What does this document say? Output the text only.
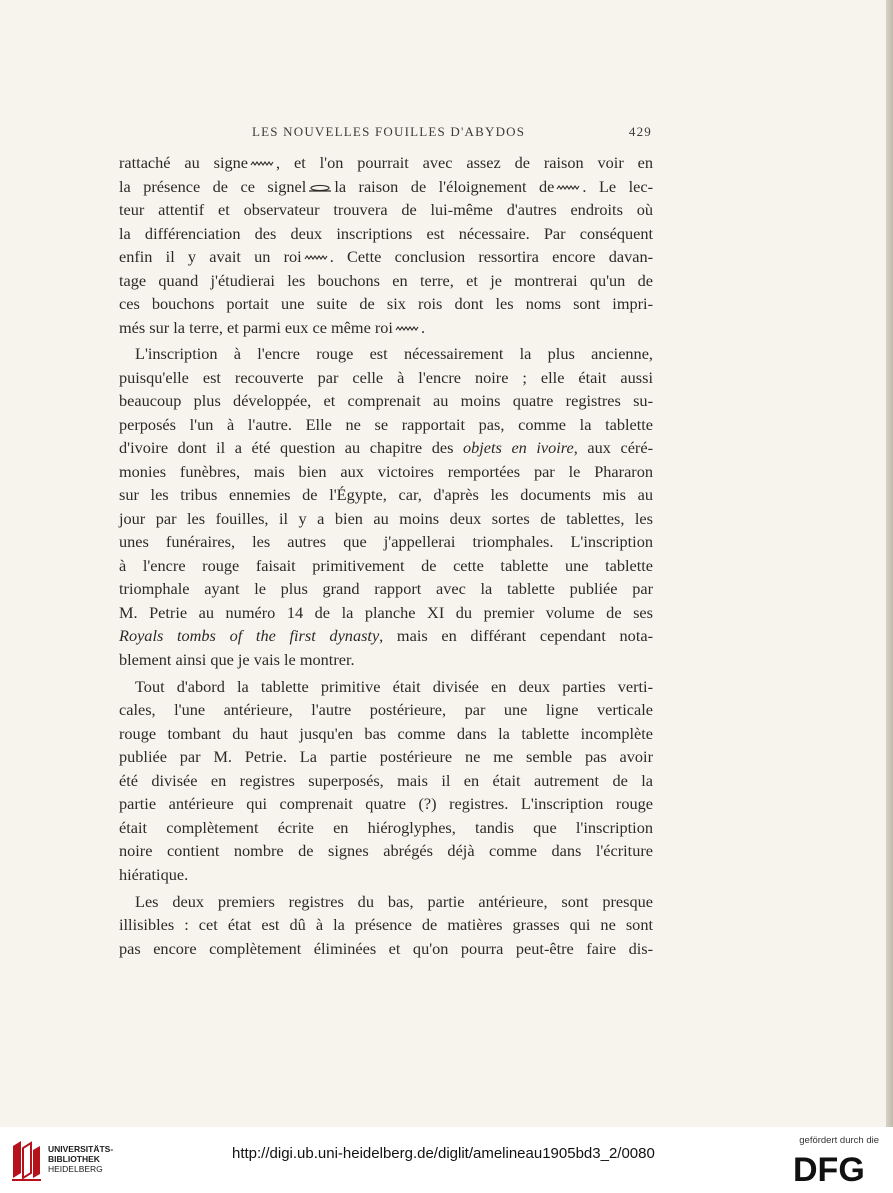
LES NOUVELLES FOUILLES D'ABYDOS	429
rattaché au signe , et l'on pourrait avec assez de raison voir en
la présence de ce signel la raison de l'éloignement de . Le lec-
teur attentif et observateur trouvera de lui-même d'autres endroits où
la différenciation des deux inscriptions est nécessaire. Par conséquent
enfin il y avait un roi . Cette conclusion ressortira encore davan-
tage quand j'étudierai les bouchons en terre, et je montrerai qu'un de
ces bouchons portait une suite de six rois dont les noms sont impri-
més sur la terre, et parmi eux ce même roi .
L'inscription à l'encre rouge est nécessairement la plus ancienne,
puisqu'elle est recouverte par celle à l'encre noire ; elle était aussi
beaucoup plus développée, et comprenait au moins quatre registres su-
perposés l'un à l'autre. Elle ne se rapportait pas, comme la tablette
d'ivoire dont il a été question au chapitre des objets en ivoire, aux céré-
monies funèbres, mais bien aux victoires remportées par le Phararon
sur les tribus ennemies de l'Égypte, car, d'après les documents mis au
jour par les fouilles, il y a bien au moins deux sortes de tablettes, les
unes funéraires, les autres que j'appellerai triomphales. L'inscription
à l'encre rouge faisait primitivement de cette tablette une tablette
triomphale ayant le plus grand rapport avec la tablette publiée par
M. Petrie au numéro 14 de la planche XI du premier volume de ses
Royals tombs of the first dynasty, mais en différant cependant nota-
blement ainsi que je vais le montrer.
Tout d'abord la tablette primitive était divisée en deux parties verti-
cales, l'une antérieure, l'autre postérieure, par une ligne verticale
rouge tombant du haut jusqu'en bas comme dans la tablette incomplète
publiée par M. Petrie. La partie postérieure ne me semble pas avoir
été divisée en registres superposés, mais il en était autrement de la
partie antérieure qui comprenait quatre (?) registres. L'inscription rouge
était complètement écrite en hiéroglyphes, tandis que l'inscription
noire contient nombre de signes abrégés déjà comme dans l'écriture
hiératique.
Les deux premiers registres du bas, partie antérieure, sont presque
illisibles : cet état est dû à la présence de matières grasses qui ne sont
pas encore complètement éliminées et qu'on pourra peut-être faire dis-
UNIVERSITÄTS-
BIBLIOTHEK
HEIDELBERG
http://digi.ub.uni-heidelberg.de/diglit/amelineau1905bd3_2/0080
gefördert durch die
DFG
